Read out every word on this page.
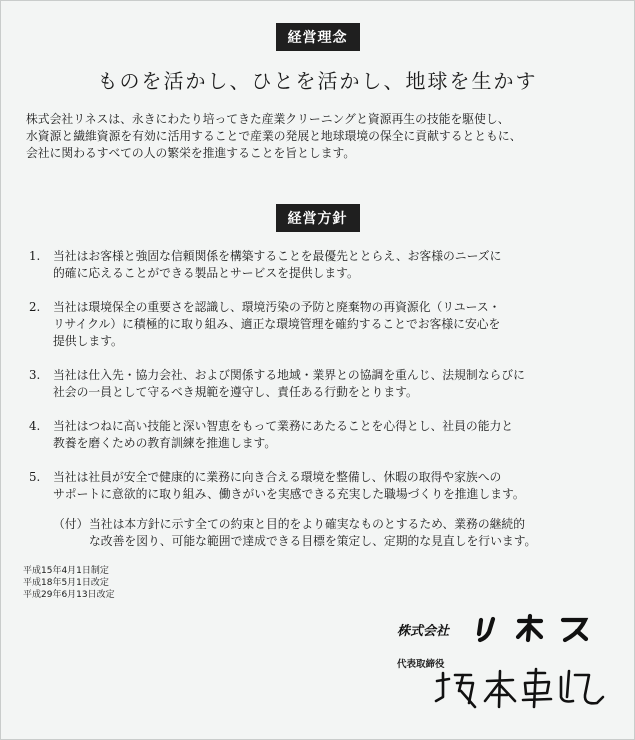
経営理念
ものを活かし、ひとを活かし、地球を生かす

株式会社リネスは、永きにわたり培ってきた産業クリーニングと資源再生の技能を駆使し、
水資源と繊維資源を有効に活用することで産業の発展と地球環境の保全に貢献するとともに、
会社に関わるすべての人の繁栄を推進することを旨とします。

経営方針
1. 当社はお客様と強固な信頼関係を構築することを最優先ととらえ、お客様のニーズに
的確に応えることができる製品とサービスを提供します。
2. 当社は環境保全の重要さを認識し、環境汚染の予防と廃棄物の再資源化（リユース・
リサイクル）に積極的に取り組み、適正な環境管理を確約することでお客様に安心を
提供します。
3. 当社は仕入先・協力会社、および関係する地域・業界との協調を重んじ、法規制ならびに
社会の一員として守るべき規範を遵守し、責任ある行動をとります。
4. 当社はつねに高い技能と深い智恵をもって業務にあたることを心得とし、社員の能力と
教養を磨くための教育訓練を推進します。
5. 当社は社員が安全で健康的に業務に向き合える環境を整備し、休暇の取得や家族への
サポートに意欲的に取り組み、働きがいを実感できる充実した職場づくりを推進します。
（付） 当社は本方針に示す全ての約束と目的をより確実なものとするため、業務の継続的
な改善を図り、可能な範囲で達成できる目標を策定し、定期的な見直しを行います。
平成15年4月1日制定
平成18年5月1日改定
平成29年6月13日改定
株式会社
代表取締役
